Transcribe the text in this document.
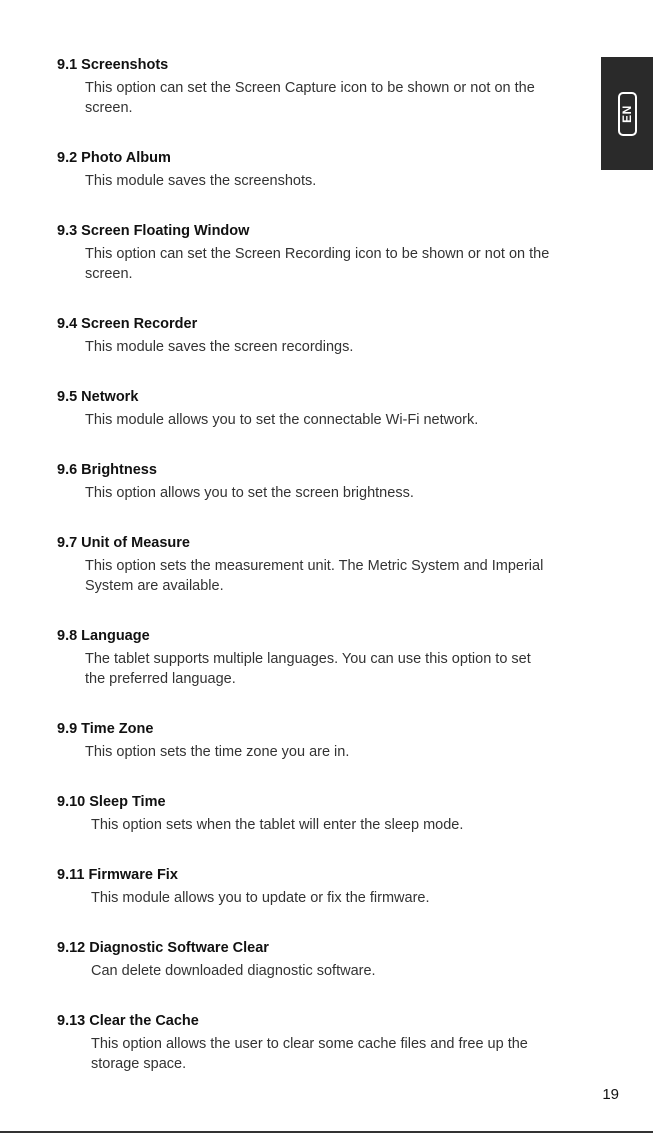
9.1 Screenshots
This option can set the Screen Capture icon to be shown or not on the
screen.
9.2 Photo Album
This module saves the screenshots.
9.3 Screen Floating Window
This option can set the Screen Recording icon to be shown or not on the
screen.
9.4 Screen Recorder
This module saves the screen recordings.
9.5 Network
This module allows you to set the connectable Wi-Fi network.
9.6 Brightness
This option allows you to set the screen brightness.
9.7 Unit of Measure
This option sets the measurement unit. The Metric System and Imperial
System are available.
9.8 Language
The tablet supports multiple languages. You can use this option to set
the preferred language.
9.9 Time Zone
This option sets the time zone you are in.
9.10 Sleep Time
This option sets when the tablet will enter the sleep mode.
9.11 Firmware Fix
This module allows you to update or fix the firmware.
9.12 Diagnostic Software Clear
Can delete downloaded diagnostic software.
9.13 Clear the Cache
This option allows the user to clear some cache files and free up the
storage space.
EN
19
